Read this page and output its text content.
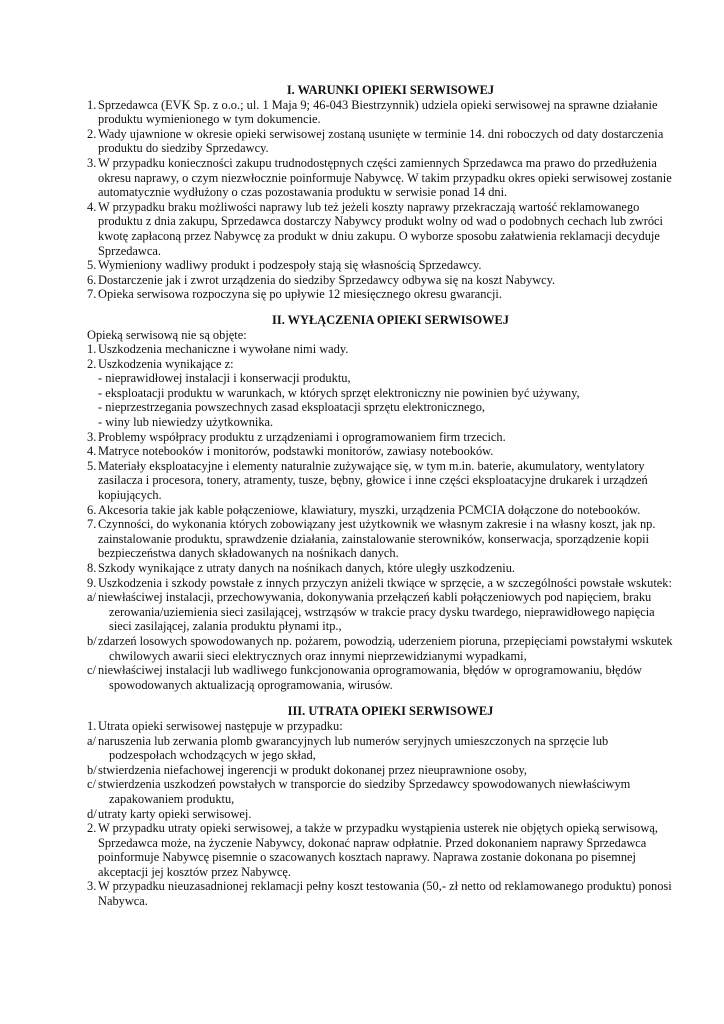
I. WARUNKI OPIEKI SERWISOWEJ
1. Sprzedawca (EVK Sp. z o.o.; ul. 1 Maja 9; 46-043 Biestrzynnik) udziela opieki serwisowej na sprawne działanie produktu wymienionego w tym dokumencie.
2. Wady ujawnione w okresie opieki serwisowej zostaną usunięte w terminie 14. dni roboczych od daty dostarczenia produktu do siedziby Sprzedawcy.
3. W przypadku konieczności zakupu trudnodostępnych części zamiennych Sprzedawca ma prawo do przedłużenia okresu naprawy, o czym niezwłocznie poinformuje Nabywcę. W takim przypadku okres opieki serwisowej zostanie automatycznie wydłużony o czas pozostawania produktu w serwisie ponad 14 dni.
4. W przypadku braku możliwości naprawy lub też jeżeli koszty naprawy przekraczają wartość reklamowanego produktu z dnia zakupu, Sprzedawca dostarczy Nabywcy produkt wolny od wad o podobnych cechach lub zwróci kwotę zapłaconą przez Nabywcę za produkt w dniu zakupu. O wyborze sposobu załatwienia reklamacji decyduje Sprzedawca.
5. Wymieniony wadliwy produkt i podzespoły stają się własnością Sprzedawcy.
6. Dostarczenie jak i zwrot urządzenia do siedziby Sprzedawcy odbywa się na koszt Nabywcy.
7. Opieka serwisowa rozpoczyna się po upływie 12 miesięcznego okresu gwarancji.
II. WYŁĄCZENIA OPIEKI SERWISOWEJ

Opieką serwisową nie są objęte:

1. Uszkodzenia mechaniczne i wywołane nimi wady.
2. Uszkodzenia wynikające z:
- nieprawidłowej instalacji i konserwacji produktu,
- eksploatacji produktu w warunkach, w których sprzęt elektroniczny nie powinien być używany,
- nieprzestrzegania powszechnych zasad eksploatacji sprzętu elektronicznego,
- winy lub niewiedzy użytkownika.
3. Problemy współpracy produktu z urządzeniami i oprogramowaniem firm trzecich.
4. Matryce notebooków i monitorów, podstawki monitorów, zawiasy notebooków.
5. Materiały eksploatacyjne i elementy naturalnie zużywające się, w tym m.in. baterie, akumulatory, wentylatory zasilacza i procesora, tonery, atramenty, tusze, bębny, głowice i inne części eksploatacyjne drukarek i urządzeń kopiujących.
6. Akcesoria takie jak kable połączeniowe, klawiatury, myszki, urządzenia PCMCIA dołączone do notebooków.
7. Czynności, do wykonania których zobowiązany jest użytkownik we własnym zakresie i na własny koszt, jak np. zainstalowanie produktu, sprawdzenie działania, zainstalowanie sterowników, konserwacja, sporządzenie kopii bezpieczeństwa danych składowanych na nośnikach danych.
8. Szkody wynikające z utraty danych na nośnikach danych, które uległy uszkodzeniu.
9. Uszkodzenia i szkody powstałe z innych przyczyn aniżeli tkwiące w sprzęcie, a w szczególności powstałe wskutek:
a/ niewłaściwej instalacji, przechowywania, dokonywania przełączeń kabli połączeniowych pod napięciem, braku zerowania/uziemienia sieci zasilającej, wstrząsów w trakcie pracy dysku twardego, nieprawidłowego napięcia sieci zasilającej, zalania produktu płynami itp.,
b/ zdarzeń losowych spowodowanych np. pożarem, powodzią, uderzeniem pioruna, przepięciami powstałymi wskutek chwilowych awarii sieci elektrycznych oraz innymi nieprzewidzianymi wypadkami,
c/ niewłaściwej instalacji lub wadliwego funkcjonowania oprogramowania, błędów w oprogramowaniu, błędów spowodowanych aktualizacją oprogramowania, wirusów.
III. UTRATA OPIEKI SERWISOWEJ
1. Utrata opieki serwisowej następuje w przypadku:
a/ naruszenia lub zerwania plomb gwarancyjnych lub numerów seryjnych umieszczonych na sprzęcie lub podzespołach wchodzących w jego skład,
b/ stwierdzenia niefachowej ingerencji w produkt dokonanej przez nieuprawnione osoby,
c/ stwierdzenia uszkodzeń powstałych w transporcie do siedziby Sprzedawcy spowodowanych niewłaściwym zapakowaniem produktu,
d/ utraty karty opieki serwisowej.
2. W przypadku utraty opieki serwisowej, a także w przypadku wystąpienia usterek nie objętych opieką serwisową, Sprzedawca może, na życzenie Nabywcy, dokonać napraw odpłatnie. Przed dokonaniem naprawy Sprzedawca poinformuje Nabywcę pisemnie o szacowanych kosztach naprawy. Naprawa zostanie dokonana po pisemnej akceptacji jej kosztów przez Nabywcę.
3. W przypadku nieuzasadnionej reklamacji pełny koszt testowania (50,- zł netto od reklamowanego produktu) ponosi Nabywca.
